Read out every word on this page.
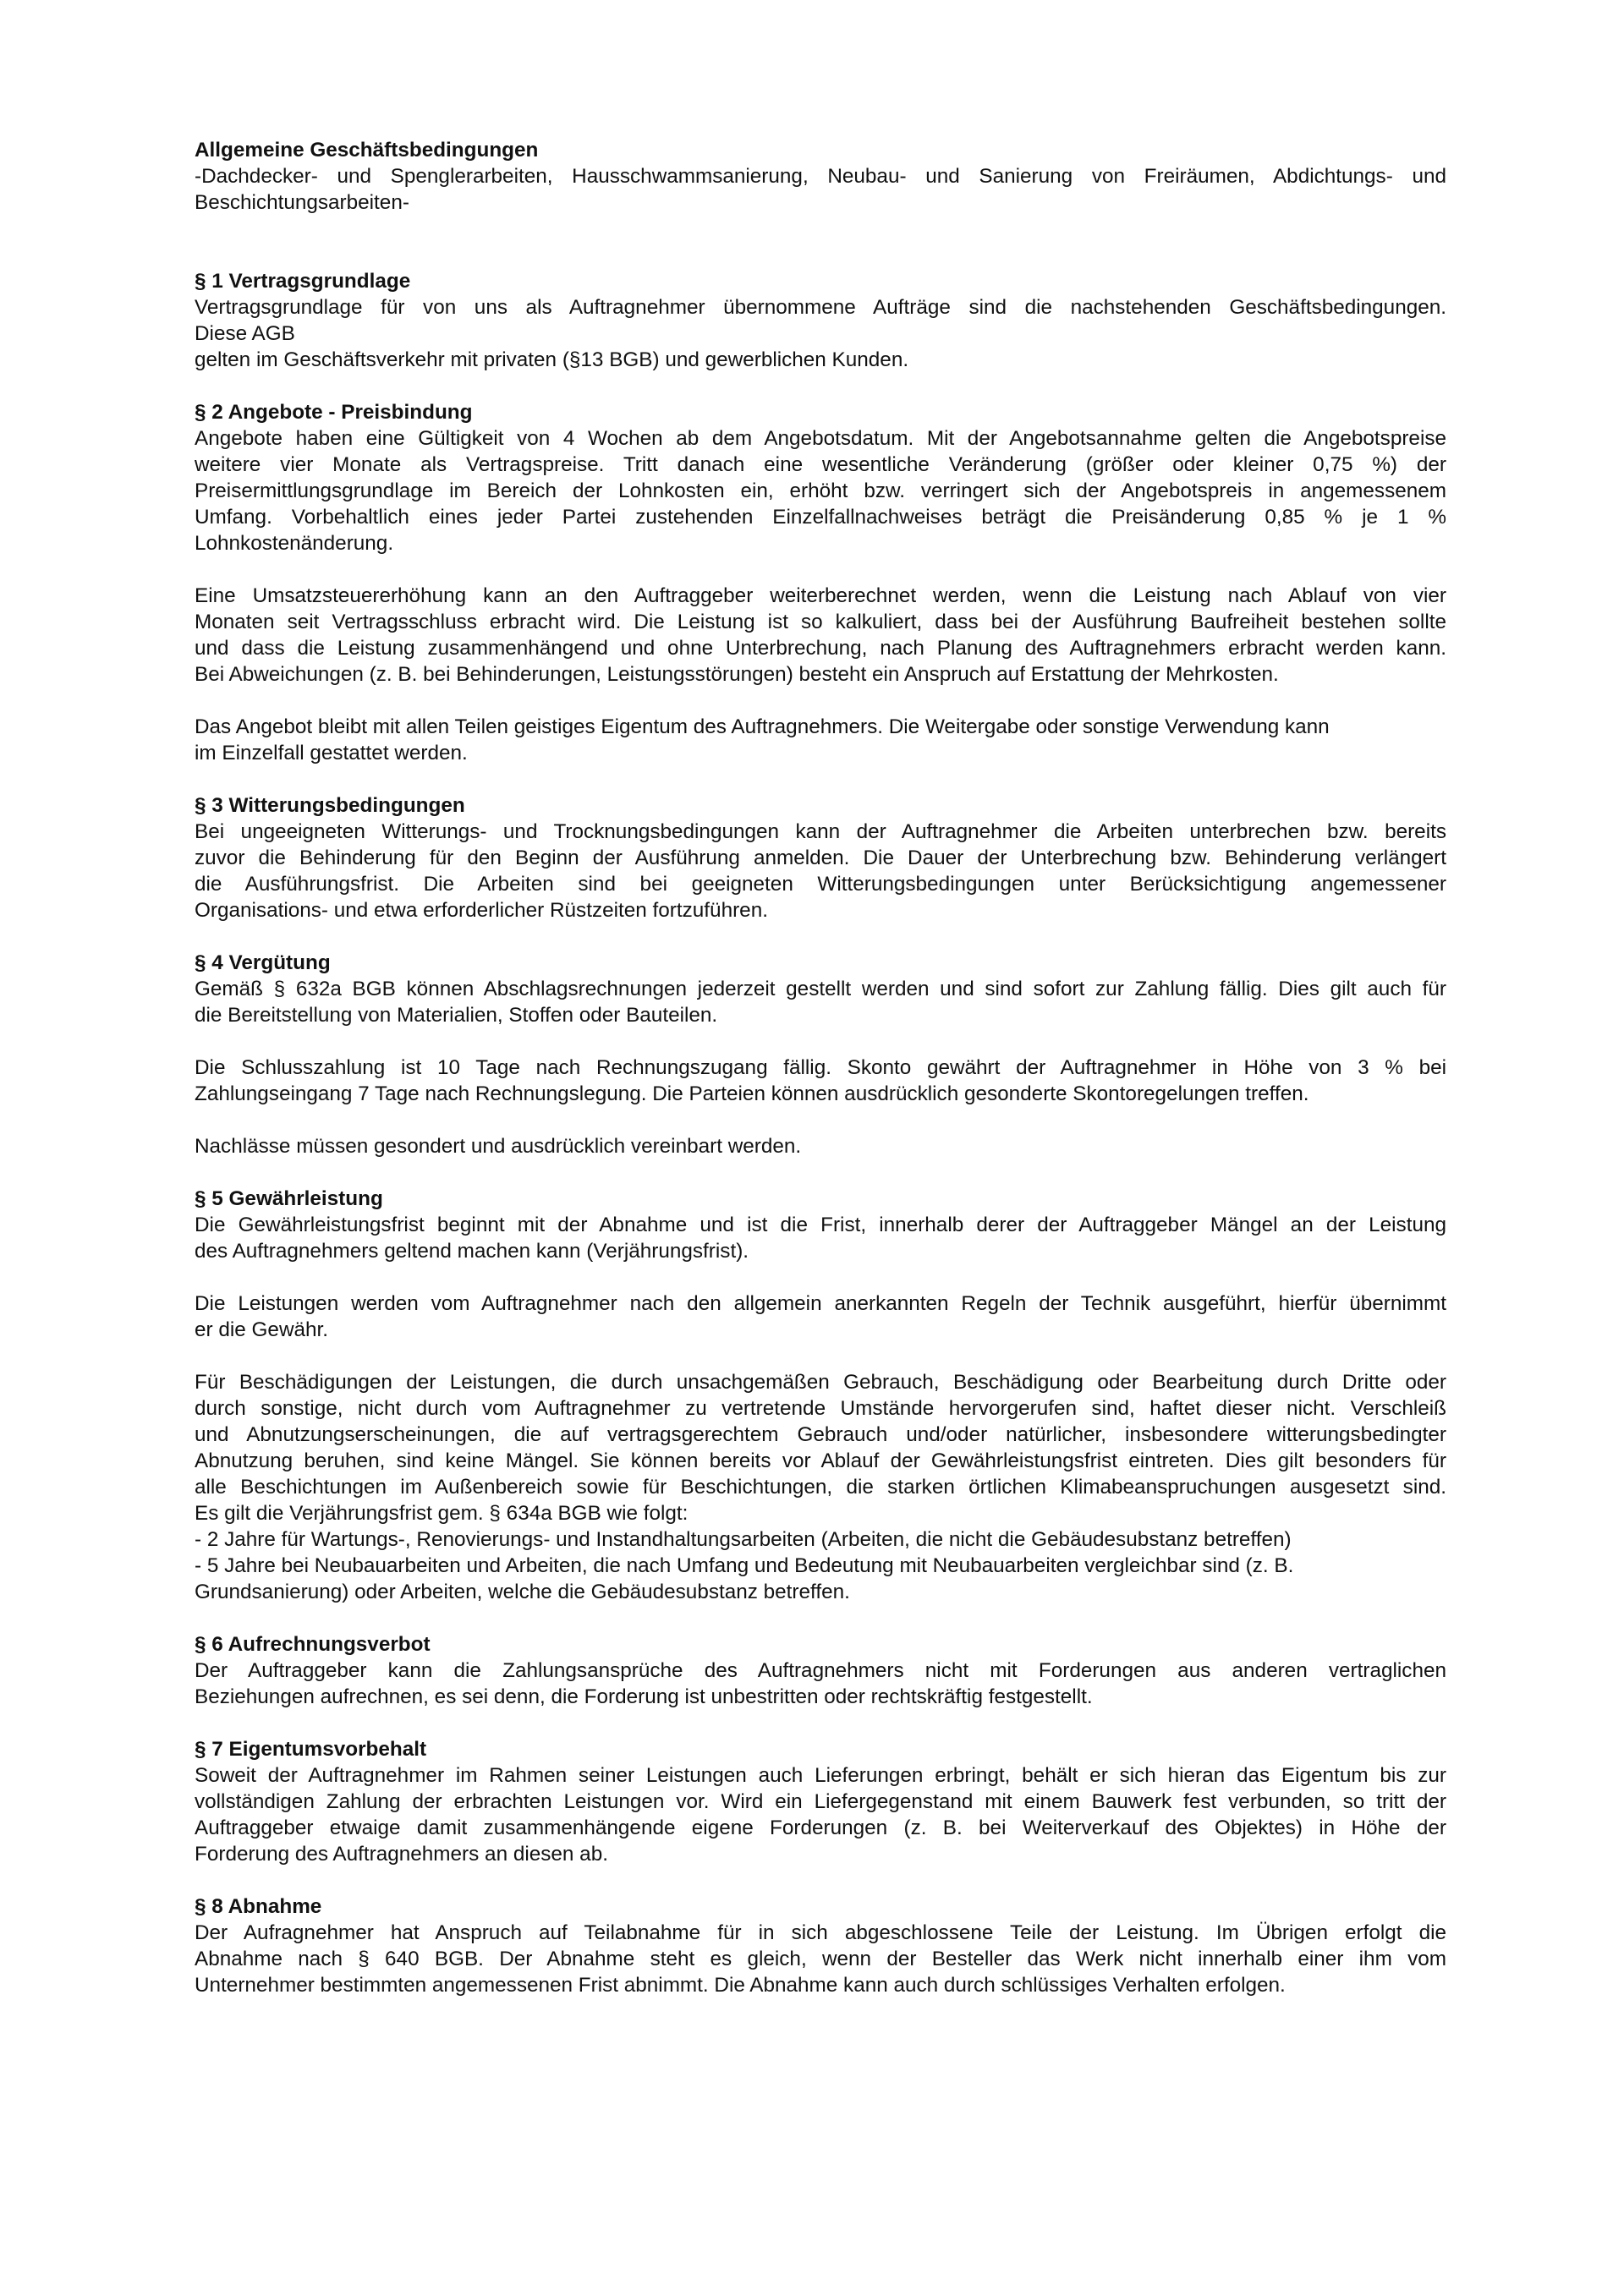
Allgemeine Geschäftsbedingungen
-Dachdecker- und Spenglerarbeiten, Hausschwammsanierung, Neubau- und Sanierung von Freiräumen, Abdichtungs- und
Beschichtungsarbeiten-
§ 1 Vertragsgrundlage
Vertragsgrundlage für von uns als Auftragnehmer übernommene Aufträge sind die nachstehenden Geschäftsbedingungen.
Diese AGB
gelten im Geschäftsverkehr mit privaten (§13 BGB) und gewerblichen Kunden.
§ 2 Angebote - Preisbindung
Angebote haben eine Gültigkeit von 4 Wochen ab dem Angebotsdatum. Mit der Angebotsannahme gelten die Angebotspreise
weitere vier Monate als Vertragspreise. Tritt danach eine wesentliche Veränderung (größer oder kleiner 0,75 %) der
Preisermittlungsgrundlage im Bereich der Lohnkosten ein, erhöht bzw. verringert sich der Angebotspreis in angemessenem
Umfang. Vorbehaltlich eines jeder Partei zustehenden Einzelfallnachweises beträgt die Preisänderung 0,85 % je 1 %
Lohnkostenänderung.
Eine Umsatzsteuererhöhung kann an den Auftraggeber weiterberechnet werden, wenn die Leistung nach Ablauf von vier
Monaten seit Vertragsschluss erbracht wird. Die Leistung ist so kalkuliert, dass bei der Ausführung Baufreiheit bestehen sollte
und dass die Leistung zusammenhängend und ohne Unterbrechung, nach Planung des Auftragnehmers erbracht werden kann.
Bei Abweichungen (z. B. bei Behinderungen, Leistungsstörungen) besteht ein Anspruch auf Erstattung der Mehrkosten.
Das Angebot bleibt mit allen Teilen geistiges Eigentum des Auftragnehmers. Die Weitergabe oder sonstige Verwendung kann
im Einzelfall gestattet werden.
§ 3 Witterungsbedingungen
Bei ungeeigneten Witterungs- und Trocknungsbedingungen kann der Auftragnehmer die Arbeiten unterbrechen bzw. bereits
zuvor die Behinderung für den Beginn der Ausführung anmelden. Die Dauer der Unterbrechung bzw. Behinderung verlängert
die Ausführungsfrist. Die Arbeiten sind bei geeigneten Witterungsbedingungen unter Berücksichtigung angemessener
Organisations- und etwa erforderlicher Rüstzeiten fortzuführen.
§ 4 Vergütung
Gemäß § 632a BGB können Abschlagsrechnungen jederzeit gestellt werden und sind sofort zur Zahlung fällig. Dies gilt auch für
die Bereitstellung von Materialien, Stoffen oder Bauteilen.
Die Schlusszahlung ist 10 Tage nach Rechnungszugang fällig. Skonto gewährt der Auftragnehmer in Höhe von 3 % bei
Zahlungseingang 7 Tage nach Rechnungslegung. Die Parteien können ausdrücklich gesonderte Skontoregelungen treffen.
Nachlässe müssen gesondert und ausdrücklich vereinbart werden.
§ 5 Gewährleistung
Die Gewährleistungsfrist beginnt mit der Abnahme und ist die Frist, innerhalb derer der Auftraggeber Mängel an der Leistung
des Auftragnehmers geltend machen kann (Verjährungsfrist).
Die Leistungen werden vom Auftragnehmer nach den allgemein anerkannten Regeln der Technik ausgeführt, hierfür übernimmt
er die Gewähr.
Für Beschädigungen der Leistungen, die durch unsachgemäßen Gebrauch, Beschädigung oder Bearbeitung durch Dritte oder
durch sonstige, nicht durch vom Auftragnehmer zu vertretende Umstände hervorgerufen sind, haftet dieser nicht. Verschleiß
und Abnutzungserscheinungen, die auf vertragsgerechtem Gebrauch und/oder natürlicher, insbesondere witterungsbedingter
Abnutzung beruhen, sind keine Mängel. Sie können bereits vor Ablauf der Gewährleistungsfrist eintreten. Dies gilt besonders für
alle Beschichtungen im Außenbereich sowie für Beschichtungen, die starken örtlichen Klimabeanspruchungen ausgesetzt sind.
Es gilt die Verjährungsfrist gem. § 634a BGB wie folgt:
- 2 Jahre für Wartungs-, Renovierungs- und Instandhaltungsarbeiten (Arbeiten, die nicht die Gebäudesubstanz betreffen)
- 5 Jahre bei Neubauarbeiten und Arbeiten, die nach Umfang und Bedeutung mit Neubauarbeiten vergleichbar sind (z. B.
Grundsanierung) oder Arbeiten, welche die Gebäudesubstanz betreffen.
§ 6 Aufrechnungsverbot
Der Auftraggeber kann die Zahlungsansprüche des Auftragnehmers nicht mit Forderungen aus anderen vertraglichen
Beziehungen aufrechnen, es sei denn, die Forderung ist unbestritten oder rechtskräftig festgestellt.
§ 7 Eigentumsvorbehalt
Soweit der Auftragnehmer im Rahmen seiner Leistungen auch Lieferungen erbringt, behält er sich hieran das Eigentum bis zur
vollständigen Zahlung der erbrachten Leistungen vor. Wird ein Liefergegenstand mit einem Bauwerk fest verbunden, so tritt der
Auftraggeber etwaige damit zusammenhängende eigene Forderungen (z. B. bei Weiterverkauf des Objektes) in Höhe der
Forderung des Auftragnehmers an diesen ab.
§ 8 Abnahme
Der Aufragnehmer hat Anspruch auf Teilabnahme für in sich abgeschlossene Teile der Leistung. Im Übrigen erfolgt die
Abnahme nach § 640 BGB. Der Abnahme steht es gleich, wenn der Besteller das Werk nicht innerhalb einer ihm vom
Unternehmer bestimmten angemessenen Frist abnimmt. Die Abnahme kann auch durch schlüssiges Verhalten erfolgen.
